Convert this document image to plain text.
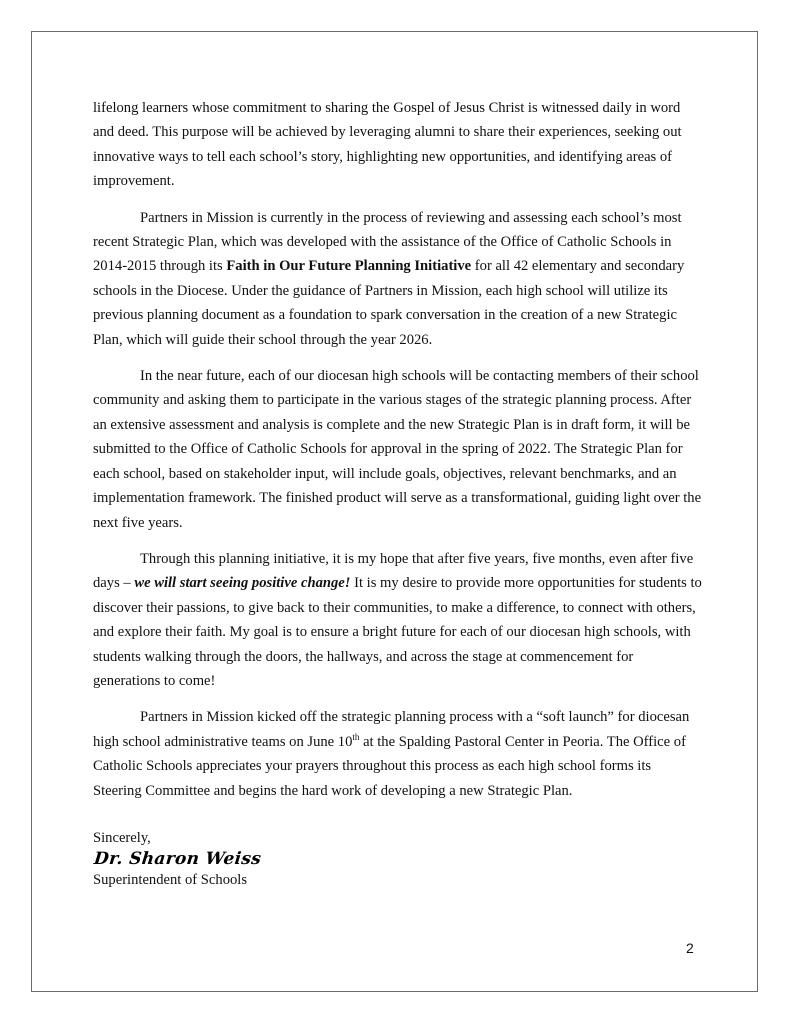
lifelong learners whose commitment to sharing the Gospel of Jesus Christ is witnessed daily in word and deed. This purpose will be achieved by leveraging alumni to share their experiences, seeking out innovative ways to tell each school’s story, highlighting new opportunities, and identifying areas of improvement.

Partners in Mission is currently in the process of reviewing and assessing each school’s most recent Strategic Plan, which was developed with the assistance of the Office of Catholic Schools in 2014-2015 through its Faith in Our Future Planning Initiative for all 42 elementary and secondary schools in the Diocese. Under the guidance of Partners in Mission, each high school will utilize its previous planning document as a foundation to spark conversation in the creation of a new Strategic Plan, which will guide their school through the year 2026.

In the near future, each of our diocesan high schools will be contacting members of their school community and asking them to participate in the various stages of the strategic planning process. After an extensive assessment and analysis is complete and the new Strategic Plan is in draft form, it will be submitted to the Office of Catholic Schools for approval in the spring of 2022. The Strategic Plan for each school, based on stakeholder input, will include goals, objectives, relevant benchmarks, and an implementation framework. The finished product will serve as a transformational, guiding light over the next five years.

Through this planning initiative, it is my hope that after five years, five months, even after five days – we will start seeing positive change! It is my desire to provide more opportunities for students to discover their passions, to give back to their communities, to make a difference, to connect with others, and explore their faith. My goal is to ensure a bright future for each of our diocesan high schools, with students walking through the doors, the hallways, and across the stage at commencement for generations to come!

Partners in Mission kicked off the strategic planning process with a “soft launch” for diocesan high school administrative teams on June 10th at the Spalding Pastoral Center in Peoria. The Office of Catholic Schools appreciates your prayers throughout this process as each high school forms its Steering Committee and begins the hard work of developing a new Strategic Plan.

Sincerely,
Dr. Sharon Weiss
Superintendent of Schools
2
